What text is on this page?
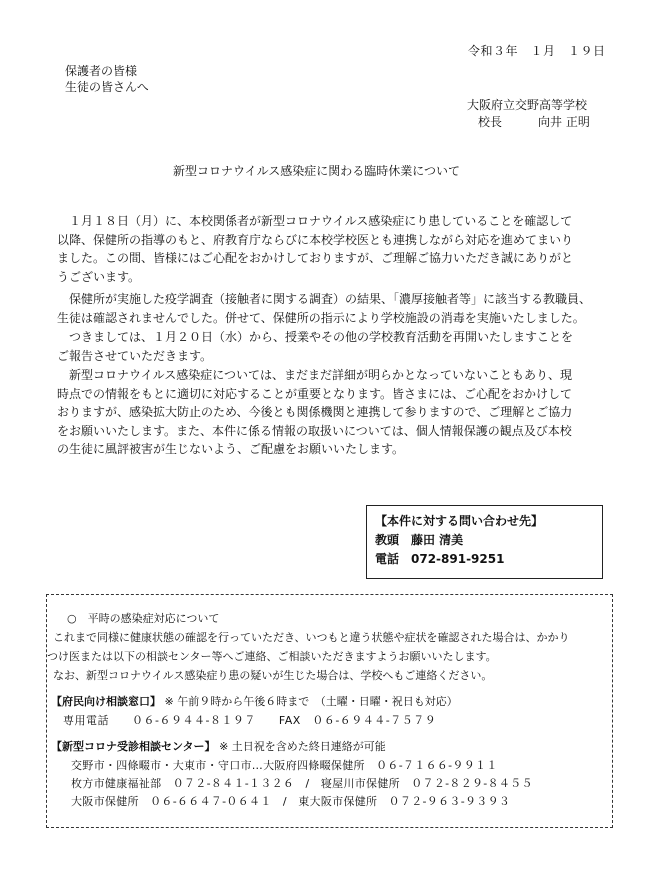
令和３年　１月　１９日
保護者の皆様
生徒の皆さんへ
大阪府立交野高等学校
校長　　　向井 正明
新型コロナウイルス感染症に関わる臨時休業について
　１月１８日（月）に、本校関係者が新型コロナウイルス感染症にり患していることを確認して
以降、保健所の指導のもと、府教育庁ならびに本校学校医とも連携しながら対応を進めてまいり
ました。この間、皆様にはご心配をおかけしておりますが、ご理解ご協力いただき誠にありがと
うございます。
　保健所が実施した疫学調査（接触者に関する調査）の結果、｢濃厚接触者等」に該当する教職員、
生徒は確認されませんでした。併せて、保健所の指示により学校施設の消毒を実施いたしました。
　つきましては、１月２０日（水）から、授業やその他の学校教育活動を再開いたしますことを
ご報告させていただきます。
　新型コロナウイルス感染症については、まだまだ詳細が明らかとなっていないこともあり、現
時点での情報をもとに適切に対応することが重要となります。皆さまには、ご心配をおかけして
おりますが、感染拡大防止のため、今後とも関係機関と連携して参りますので、ご理解とご協力
をお願いいたします。また、本件に係る情報の取扱いについては、個人情報保護の観点及び本校
の生徒に風評被害が生じないよう、ご配慮をお願いいたします。
【本件に対する問い合わせ先】
教頭　藤田 清美
電話　072-891-9251
○　平時の感染症対応について
これまで同様に健康状態の確認を行っていただき、いつもと違う状態や症状を確認された場合は、かかり
つけ医または以下の相談センター等へご連絡、ご相談いただきますようお願いいたします。
なお、新型コロナウイルス感染症り患の疑いが生じた場合は、学校へもご連絡ください。
【府民向け相談窓口】 ※ 午前９時から午後６時まで　（土曜・日曜・祝日も対応）
専用電話　　０６-６９４４-８１９７　　FAX　０６-６９４４-７５７９
【新型コロナ受診相談センター】 ※ 土日祝を含めた終日連絡が可能
交野市・四條畷市・大東市・守口市…大阪府四條畷保健所　０６-７１６６-９９１１
枚方市健康福祉部　０７２-８４１-１３２６　/　寝屋川市保健所　０７２-８２９-８４５５
大阪市保健所　０６-６６４７-０６４１　/　東大阪市保健所　０７２-９６３-９３９３
